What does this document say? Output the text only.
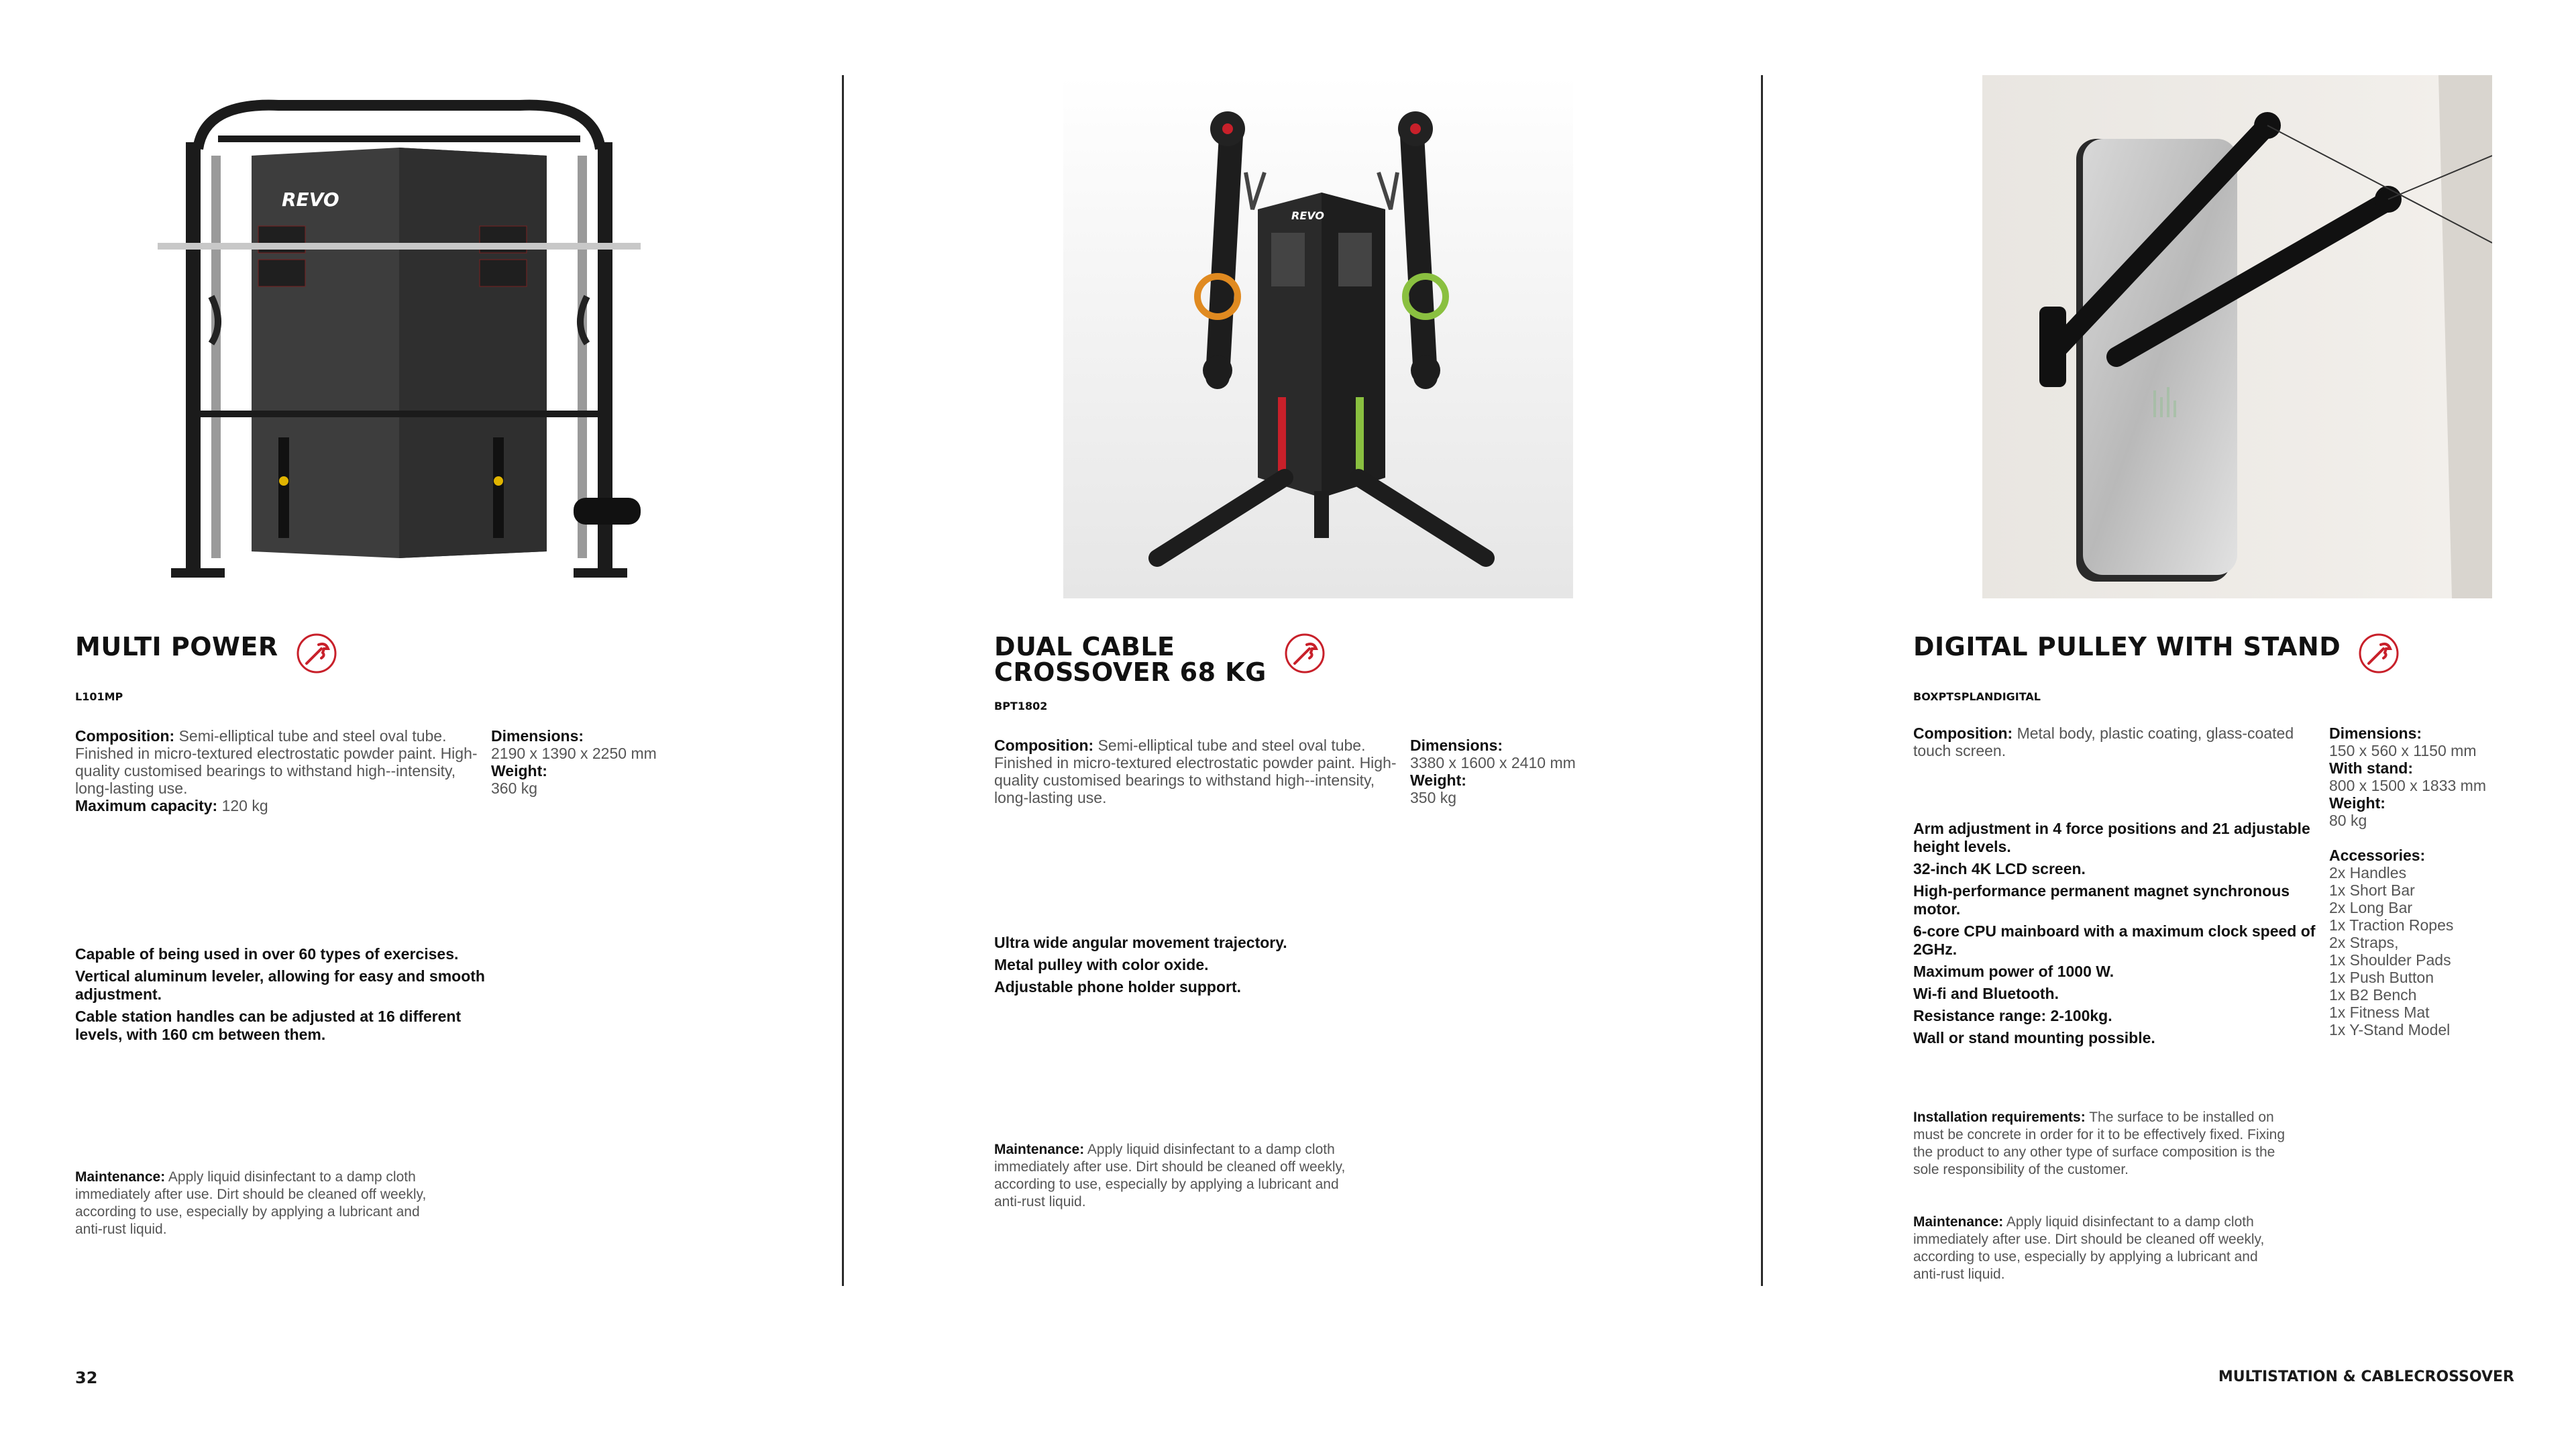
REVO
REVO
MULTI POWER
L101MP
Composition: Semi-elliptical tube and steel oval tube. Finished in micro-textured electrostatic powder paint. High-quality customised bearings to withstand high--intensity, long-lasting use.
Maximum capacity: 120 kg
Dimensions:
2190 x 1390 x 2250 mm
Weight:
360 kg
Capable of being used in over 60 types of exercises.
Vertical aluminum leveler, allowing for easy and smooth adjustment.
Cable station handles can be adjusted at 16 different levels, with 160 cm between them.

Maintenance: Apply liquid disinfectant to a damp cloth immediately after use. Dirt should be cleaned off weekly, according to use, especially by applying a lubricant and anti-rust liquid.

DUAL CABLE
CROSSOVER 68 KG
BPT1802
Composition: Semi-elliptical tube and steel oval tube. Finished in micro-textured electrostatic powder paint. High-quality customised bearings to withstand high--intensity, long-lasting use.
Dimensions:
3380 x 1600 x 2410 mm
Weight:
350 kg
Ultra wide angular movement trajectory.
Metal pulley with color oxide.
Adjustable phone holder support.

Maintenance: Apply liquid disinfectant to a damp cloth immediately after use. Dirt should be cleaned off weekly, according to use, especially by applying a lubricant and anti-rust liquid.

DIGITAL PULLEY WITH STAND
BOXPTSPLANDIGITAL
Composition: Metal body, plastic coating, glass-coated touch screen.
Arm adjustment in 4 force positions and 21 adjustable height levels.
32-inch 4K LCD screen.
High-performance permanent magnet synchronous motor.
6-core CPU mainboard with a maximum clock speed of 2GHz.
Maximum power of 1000 W.
Wi-fi and Bluetooth.
Resistance range: 2-100kg.
Wall or stand mounting possible.
Dimensions:
150 x 560 x 1150 mm
With stand:
800 x 1500 x 1833 mm
Weight:
80 kg
Accessories:
2x Handles
1x Short Bar
2x Long Bar
1x Traction Ropes
2x Straps,
1x Shoulder Pads
1x Push Button
1x B2 Bench
1x Fitness Mat
1x Y-Stand Model

Installation requirements: The surface to be installed on must be concrete in order for it to be effectively fixed. Fixing the product to any other type of surface composition is the sole responsibility of the customer.

Maintenance: Apply liquid disinfectant to a damp cloth immediately after use. Dirt should be cleaned off weekly, according to use, especially by applying a lubricant and anti-rust liquid.

32	MULTISTATION & CABLECROSSOVER
